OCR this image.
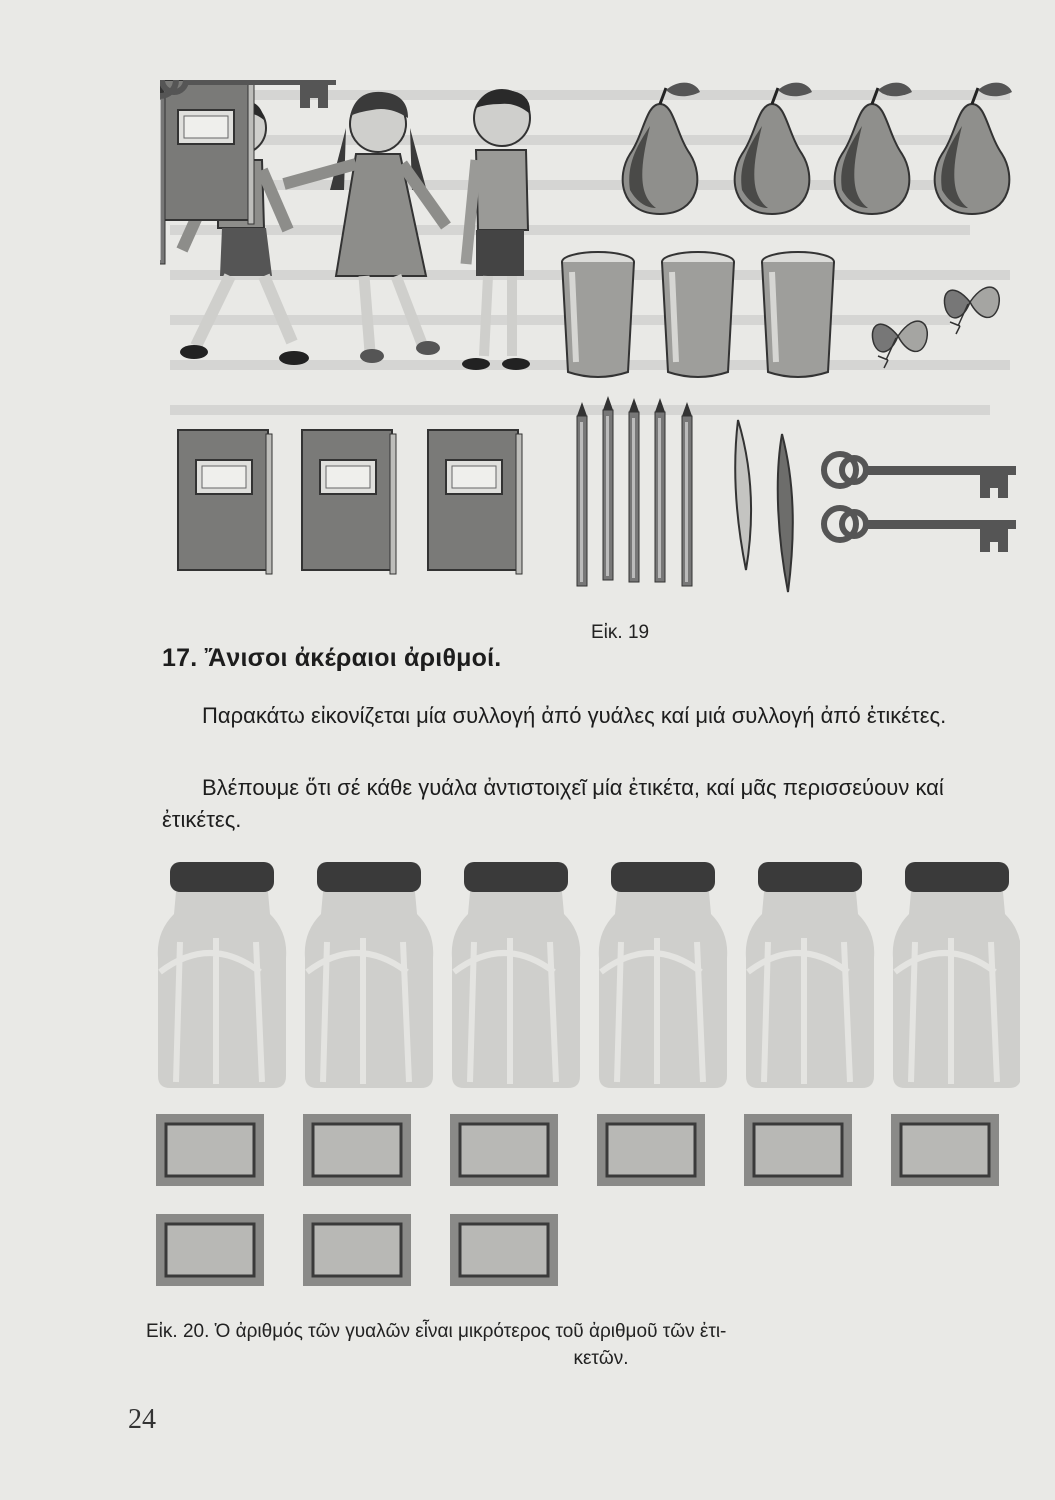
Εἰκ. 19
17. Ἄνισοι ἀκέραιοι ἀριθμοί.
Παρακάτω εἰκονίζεται μία συλλογή ἀπό γυάλες καί μιά συλλογή ἀπό ἐτικέτες.
Βλέπουμε ὅτι σέ κάθε γυάλα ἀντιστοιχεῖ μία ἐτικέτα, καί μᾶς περισσεύουν καί ἐτικέτες.
Εἰκ. 20. Ὁ ἀριθμός τῶν γυαλῶν εἶναι μικρότερος τοῦ ἀριθμοῦ τῶν ἐτι-
κετῶν.
24
